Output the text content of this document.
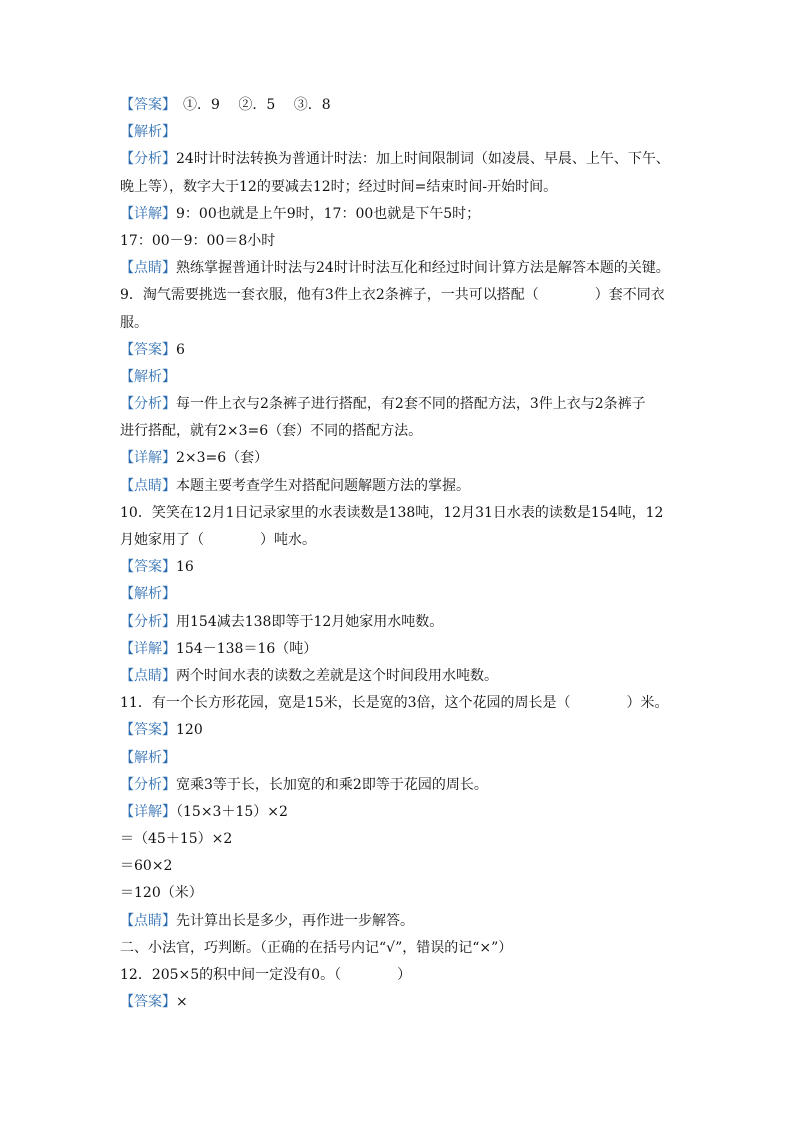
【答案】　①．9　 ②．5　 ③．8
【解析】
【分析】24时计时法转换为普通计时法：加上时间限制词（如凌晨、早晨、上午、下午、
晚上等），数字大于12的要减去12时；经过时间=结束时间-开始时间。
【详解】9：00也就是上午9时，17：00也就是下午5时；
17：00－9：00＝8小时
【点睛】熟练掌握普通计时法与24时计时法互化和经过时间计算方法是解答本题的关键。
9．淘气需要挑选一套衣服，他有3件上衣2条裤子，一共可以搭配（　　　　）套不同衣
服。
【答案】6
【解析】
【分析】每一件上衣与2条裤子进行搭配，有2套不同的搭配方法，3件上衣与2条裤子
进行搭配，就有2×3=6（套）不同的搭配方法。
【详解】2×3=6（套）
【点睛】本题主要考查学生对搭配问题解题方法的掌握。
10．笑笑在12月1日记录家里的水表读数是138吨，12月31日水表的读数是154吨，12
月她家用了（　　　　）吨水。
【答案】16
【解析】
【分析】用154减去138即等于12月她家用水吨数。
【详解】154－138＝16（吨）
【点睛】两个时间水表的读数之差就是这个时间段用水吨数。
11．有一个长方形花园，宽是15米，长是宽的3倍，这个花园的周长是（　　　　）米。
【答案】120
【解析】
【分析】宽乘3等于长，长加宽的和乘2即等于花园的周长。
【详解】（15×3＋15）×2
＝（45＋15）×2
＝60×2
＝120（米）
【点睛】先计算出长是多少，再作进一步解答。
二、小法官，巧判断。（正确的在括号内记“√”，错误的记“×”）
12．205×5的积中间一定没有0。（　　　　）
【答案】×
